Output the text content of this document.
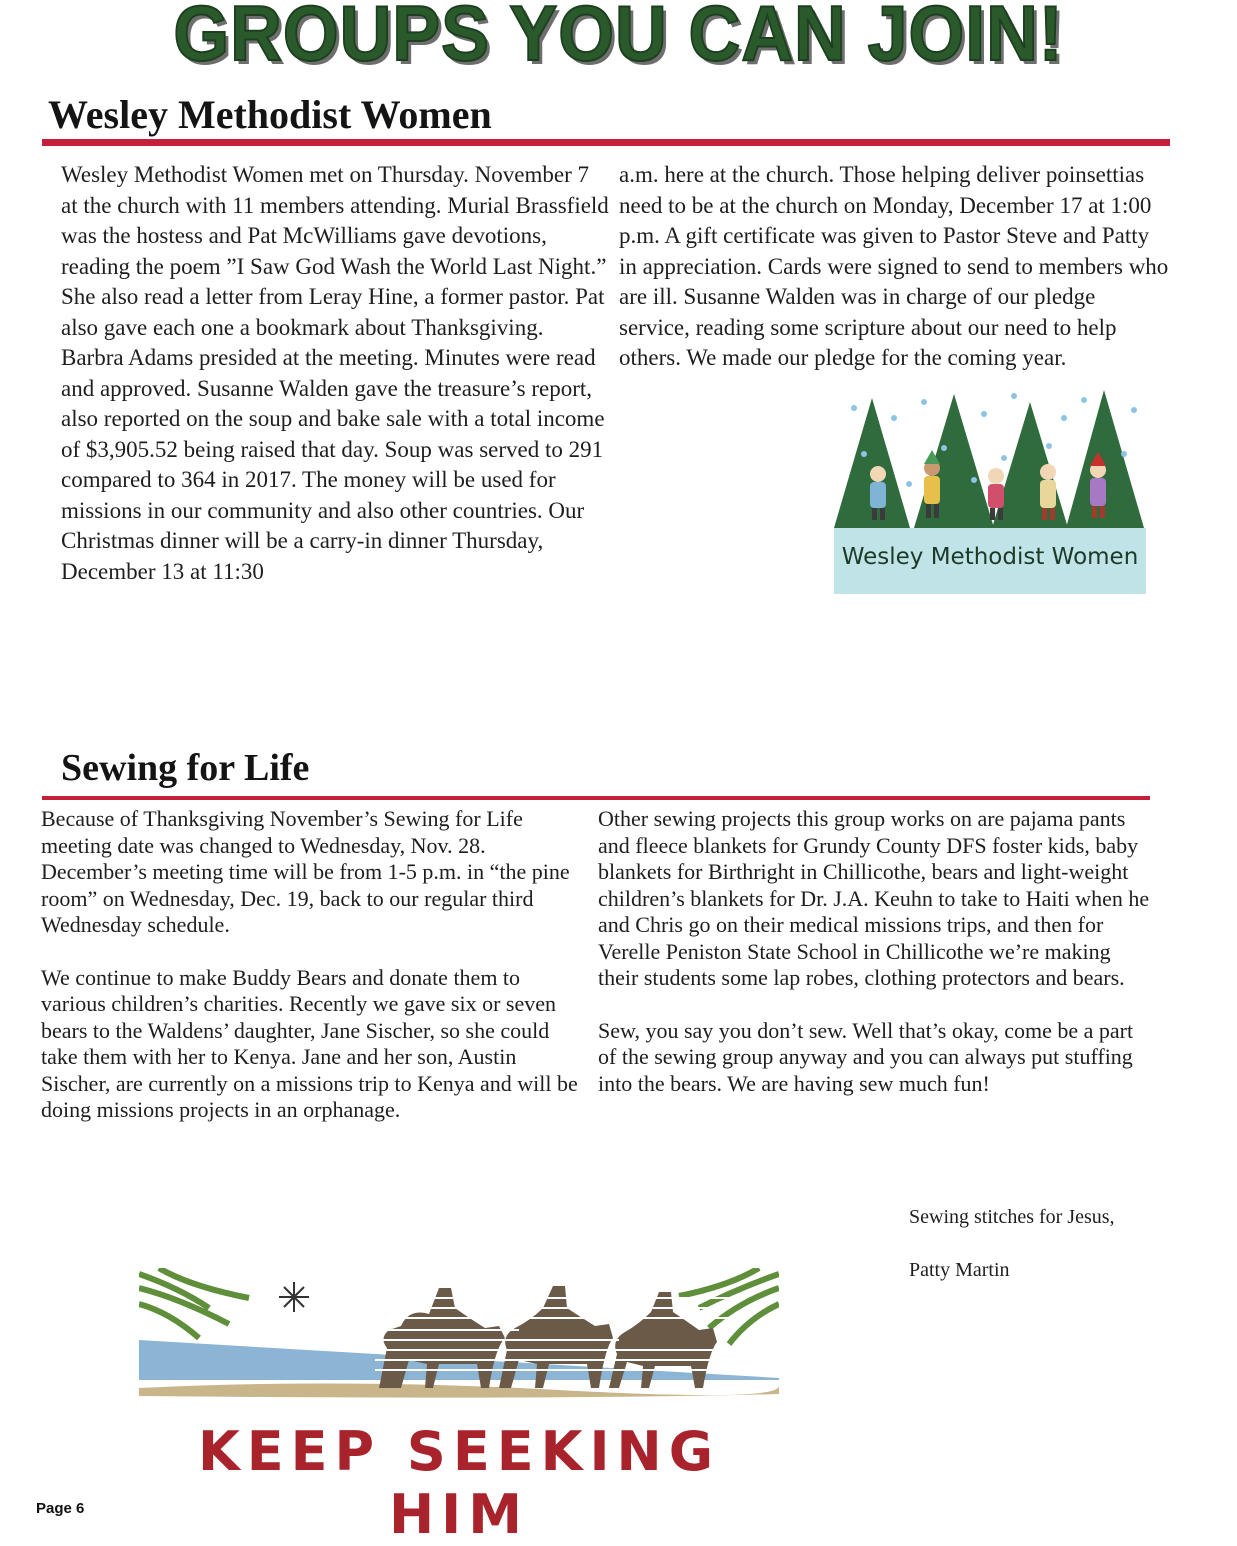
GROUPS YOU CAN JOIN!
Wesley Methodist Women
Wesley Methodist Women met on Thursday. November 7 at the church with 11 members attending. Murial Brassfield was the hostess and Pat McWilliams gave devotions, reading the poem ”I Saw God Wash the World Last Night.” She also read a letter from Leray Hine, a former pastor. Pat also gave each one a bookmark about Thanksgiving. Barbra Adams presided at the meeting. Minutes were read and approved. Susanne Walden gave the treasure’s report, also reported on the soup and bake sale with a total income of $3,905.52 being raised that day. Soup was served to 291 compared to 364 in 2017. The money will be used for missions in our community and also other countries. Our Christmas dinner will be a carry-in dinner Thursday, December 13 at 11:30
a.m. here at the church. Those helping deliver poinsettias need to be at the church on Monday, December 17 at 1:00 p.m. A gift certificate was given to Pastor Steve and Patty in appreciation. Cards were signed to send to members who are ill. Susanne Walden was in charge of our pledge service, reading some scripture about our need to help others. We made our pledge for the coming year.
Wesley Methodist Women
Sewing for Life

Because of Thanksgiving November’s Sewing for Life meeting date was changed to Wednesday, Nov. 28. December’s meeting time will be from 1-5 p.m. in “the pine room” on Wednesday, Dec. 19, back to our regular third Wednesday schedule.

We continue to make Buddy Bears and donate them to various children’s charities. Recently we gave six or seven bears to the Waldens’ daughter, Jane Sischer, so she could take them with her to Kenya. Jane and her son, Austin Sischer, are currently on a missions trip to Kenya and will be doing missions projects in an orphanage.

Other sewing projects this group works on are pajama pants and fleece blankets for Grundy County DFS foster kids, baby blankets for Birthright in Chillicothe, bears and light-weight children’s blankets for Dr. J.A. Keuhn to take to Haiti when he and Chris go on their medical missions trips, and then for Verelle Peniston State School in Chillicothe we’re making their students some lap robes, clothing protectors and bears.

Sew, you say you don’t sew. Well that’s okay, come be a part of the sewing group anyway and you can always put stuffing into the bears. We are having sew much fun!

Sewing stitches for Jesus,
Patty Martin
KEEP SEEKING HIM
Page 6
